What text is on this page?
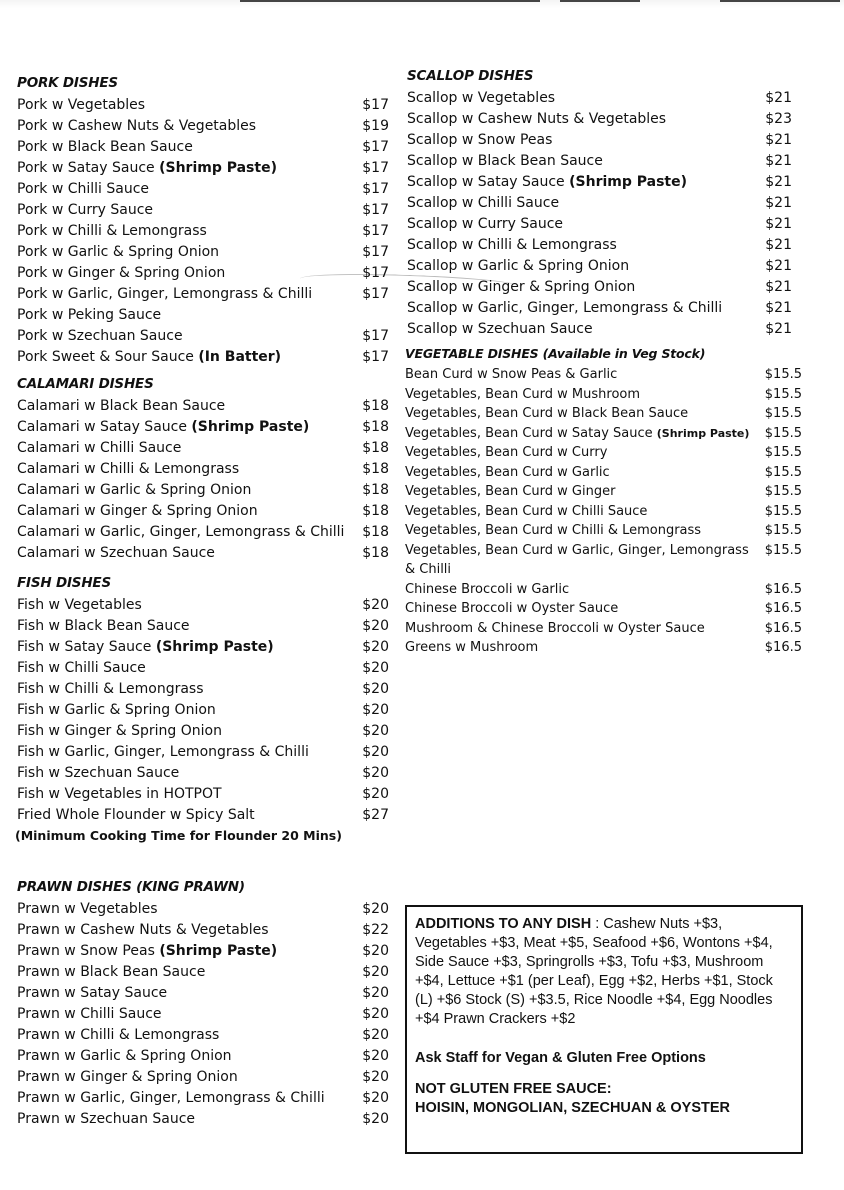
PORK DISHES
Pork w Vegetables	$17
Pork w Cashew Nuts & Vegetables	$19
Pork w Black Bean Sauce	$17
Pork w Satay Sauce (Shrimp Paste)	$17
Pork w Chilli Sauce	$17
Pork w Curry Sauce	$17
Pork w Chilli & Lemongrass	$17
Pork w Garlic & Spring Onion	$17
Pork w Ginger & Spring Onion	$17
Pork w Garlic, Ginger, Lemongrass & Chilli	$17
Pork w Peking Sauce
Pork w Szechuan Sauce	$17
Pork Sweet & Sour Sauce (In Batter)	$17
CALAMARI DISHES
Calamari w Black Bean Sauce	$18
Calamari w Satay Sauce (Shrimp Paste)	$18
Calamari w Chilli Sauce	$18
Calamari w Chilli & Lemongrass	$18
Calamari w Garlic & Spring Onion	$18
Calamari w Ginger & Spring Onion	$18
Calamari w Garlic, Ginger, Lemongrass & Chilli $18
Calamari w Szechuan Sauce	$18
FISH DISHES
Fish w Vegetables	$20
Fish w Black Bean Sauce	$20
Fish w Satay Sauce (Shrimp Paste)	$20
Fish w Chilli Sauce	$20
Fish w Chilli & Lemongrass	$20
Fish w Garlic & Spring Onion	$20
Fish w Ginger & Spring Onion	$20
Fish w Garlic, Ginger, Lemongrass & Chilli	$20
Fish w Szechuan Sauce	$20
Fish w Vegetables in HOTPOT	$20
Fried Whole Flounder w Spicy Salt	$27
(Minimum Cooking Time for Flounder 20 Mins)
PRAWN DISHES (KING PRAWN)
Prawn w Vegetables	$20
Prawn w Cashew Nuts & Vegetables	$22
Prawn w Snow Peas (Shrimp Paste)	$20
Prawn w Black Bean Sauce	$20
Prawn w Satay Sauce	$20
Prawn w Chilli Sauce	$20
Prawn w Chilli & Lemongrass	$20
Prawn w Garlic & Spring Onion	$20
Prawn w Ginger & Spring Onion	$20
Prawn w Garlic, Ginger, Lemongrass & Chilli	$20
Prawn w Szechuan Sauce	$20
SCALLOP DISHES
Scallop w Vegetables	$21
Scallop w Cashew Nuts & Vegetables	$23
Scallop w Snow Peas	$21
Scallop w Black Bean Sauce	$21
Scallop w Satay Sauce (Shrimp Paste)	$21
Scallop w Chilli Sauce	$21
Scallop w Curry Sauce	$21
Scallop w Chilli & Lemongrass	$21
Scallop w Garlic & Spring Onion	$21
Scallop w Ginger & Spring Onion	$21
Scallop w Garlic, Ginger, Lemongrass & Chilli	$21
Scallop w Szechuan Sauce	$21
VEGETABLE DISHES (Available in Veg Stock)
Bean Curd w Snow Peas & Garlic	$15.5
Vegetables, Bean Curd w Mushroom	$15.5
Vegetables, Bean Curd w Black Bean Sauce	$15.5
Vegetables, Bean Curd w Satay Sauce (Shrimp Paste) $15.5
Vegetables, Bean Curd w Curry	$15.5
Vegetables, Bean Curd w Garlic	$15.5
Vegetables, Bean Curd w Ginger	$15.5
Vegetables, Bean Curd w Chilli Sauce	$15.5
Vegetables, Bean Curd w Chilli & Lemongrass	$15.5
Vegetables, Bean Curd w Garlic, Ginger, Lemongrass & Chilli
$15.5
Chinese Broccoli w Garlic	$16.5
Chinese Broccoli w Oyster Sauce	$16.5
Mushroom & Chinese Broccoli w Oyster Sauce	$16.5
Greens w Mushroom	$16.5

ADDITIONS TO ANY DISH : Cashew Nuts +$3, Vegetables +$3, Meat +$5, Seafood +$6, Wontons +$4, Side Sauce +$3, Springrolls +$3, Tofu +$3, Mushroom +$4, Lettuce +$1 (per Leaf), Egg +$2, Herbs +$1, Stock (L) +$6 Stock (S) +$3.5, Rice Noodle +$4, Egg Noodles +$4 Prawn Crackers +$2

Ask Staff for Vegan & Gluten Free Options

NOT GLUTEN FREE SAUCE:

HOISIN, MONGOLIAN, SZECHUAN & OYSTER
